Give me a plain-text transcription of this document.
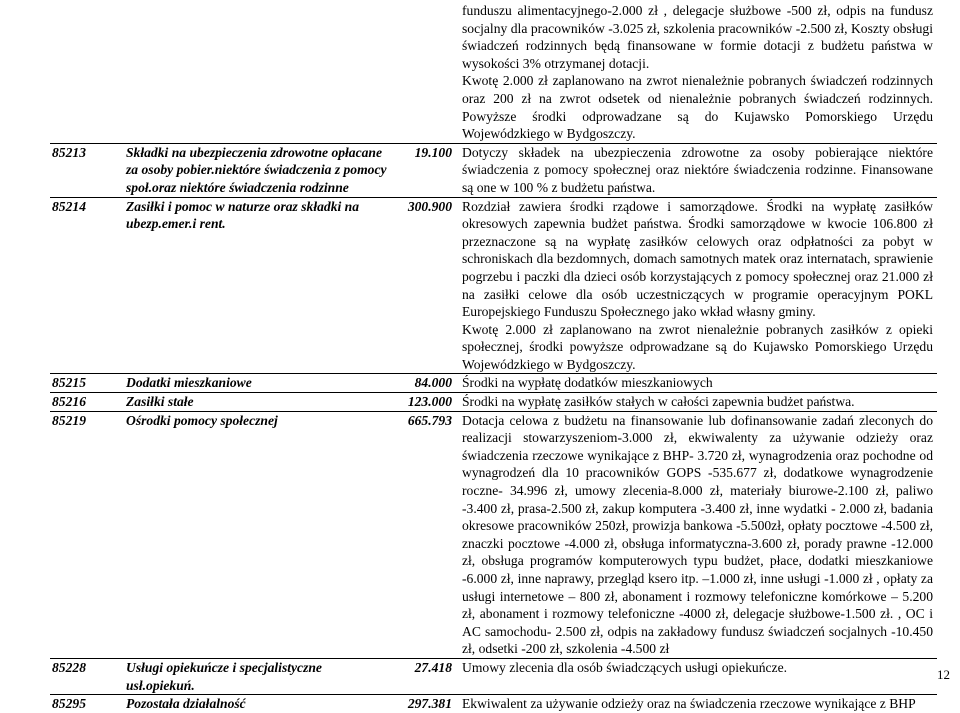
			funduszu alimentacyjnego-2.000 zł , delegacje służbowe -500 zł, odpis na fundusz socjalny dla pracowników -3.025 zł, szkolenia pracowników -2.500 zł, Koszty obsługi świadczeń rodzinnych będą finansowane w formie dotacji z budżetu państwa w wysokości 3% otrzymanej dotacji.
Kwotę 2.000 zł zaplanowano na zwrot nienależnie pobranych świadczeń rodzinnych oraz 200 zł na zwrot odsetek od nienależnie pobranych świadczeń rodzinnych. Powyższe środki odprowadzane są do Kujawsko Pomorskiego Urzędu Wojewódzkiego w Bydgoszczy.

85213	Składki na ubezpieczenia zdrowotne opłacane za osoby pobier.niektóre świadczenia z pomocy społ.oraz niektóre świadczenia rodzinne	19.100	Dotyczy składek na ubezpieczenia zdrowotne za osoby pobierające niektóre świadczenia z pomocy społecznej oraz niektóre świadczenia rodzinne. Finansowane są one w 100 % z budżetu państwa.
85214	Zasiłki i pomoc w naturze oraz składki na ubezp.emer.i rent.	300.900	Rozdział zawiera środki rządowe i samorządowe. Środki na wypłatę zasiłków okresowych zapewnia budżet państwa. Środki samorządowe w kwocie 106.800 zł przeznaczone są na wypłatę zasiłków celowych oraz odpłatności za pobyt w schroniskach dla bezdomnych, domach samotnych matek oraz internatach, sprawienie pogrzebu i paczki dla dzieci osób korzystających z pomocy społecznej oraz 21.000 zł na zasiłki celowe dla osób uczestniczących w programie operacyjnym POKL Europejskiego Funduszu Społecznego jako wkład własny gminy.
Kwotę 2.000 zł zaplanowano na zwrot nienależnie pobranych zasiłków z opieki społecznej, środki powyższe odprowadzane są do Kujawsko Pomorskiego Urzędu Wojewódzkiego w Bydgoszczy.

85215	Dodatki mieszkaniowe	84.000	Środki na wypłatę dodatków mieszkaniowych
85216	Zasiłki stałe	123.000	Środki na wypłatę zasiłków stałych w całości zapewnia budżet państwa.
85219	Ośrodki pomocy społecznej	665.793	Dotacja celowa z budżetu na finansowanie lub dofinansowanie zadań zleconych do realizacji stowarzyszeniom-3.000 zł, ekwiwalenty za używanie odzieży oraz świadczenia rzeczowe wynikające z BHP- 3.720 zł, wynagrodzenia oraz pochodne od wynagrodzeń dla 10 pracowników GOPS -535.677 zł, dodatkowe wynagrodzenie roczne- 34.996 zł, umowy zlecenia-8.000 zł, materiały biurowe-2.100 zł, paliwo -3.400 zł, prasa-2.500 zł, zakup komputera -3.400 zł, inne wydatki - 2.000 zł, badania okresowe pracowników 250zł, prowizja bankowa -5.500zł, opłaty pocztowe -4.500 zł, znaczki pocztowe -4.000 zł, obsługa informatyczna-3.600 zł, porady prawne -12.000 zł, obsługa programów komputerowych typu budżet, płace, dodatki mieszkaniowe -6.000 zł, inne naprawy, przegląd ksero itp. –1.000 zł, inne usługi -1.000 zł , opłaty za usługi internetowe – 800 zł, abonament i rozmowy telefoniczne komórkowe – 5.200 zł, abonament i rozmowy telefoniczne -4000 zł, delegacje służbowe-1.500 zł. , OC i AC samochodu- 2.500 zł, odpis na zakładowy fundusz świadczeń socjalnych -10.450 zł, odsetki -200 zł, szkolenia -4.500 zł
85228	Usługi opiekuńcze i specjalistyczne usł.opiekuń.	27.418	Umowy zlecenia dla osób świadczących usługi opiekuńcze.
85295	Pozostała działalność	297.381	Ekwiwalent za używanie odzieży oraz na świadczenia rzeczowe wynikające z BHP
12
